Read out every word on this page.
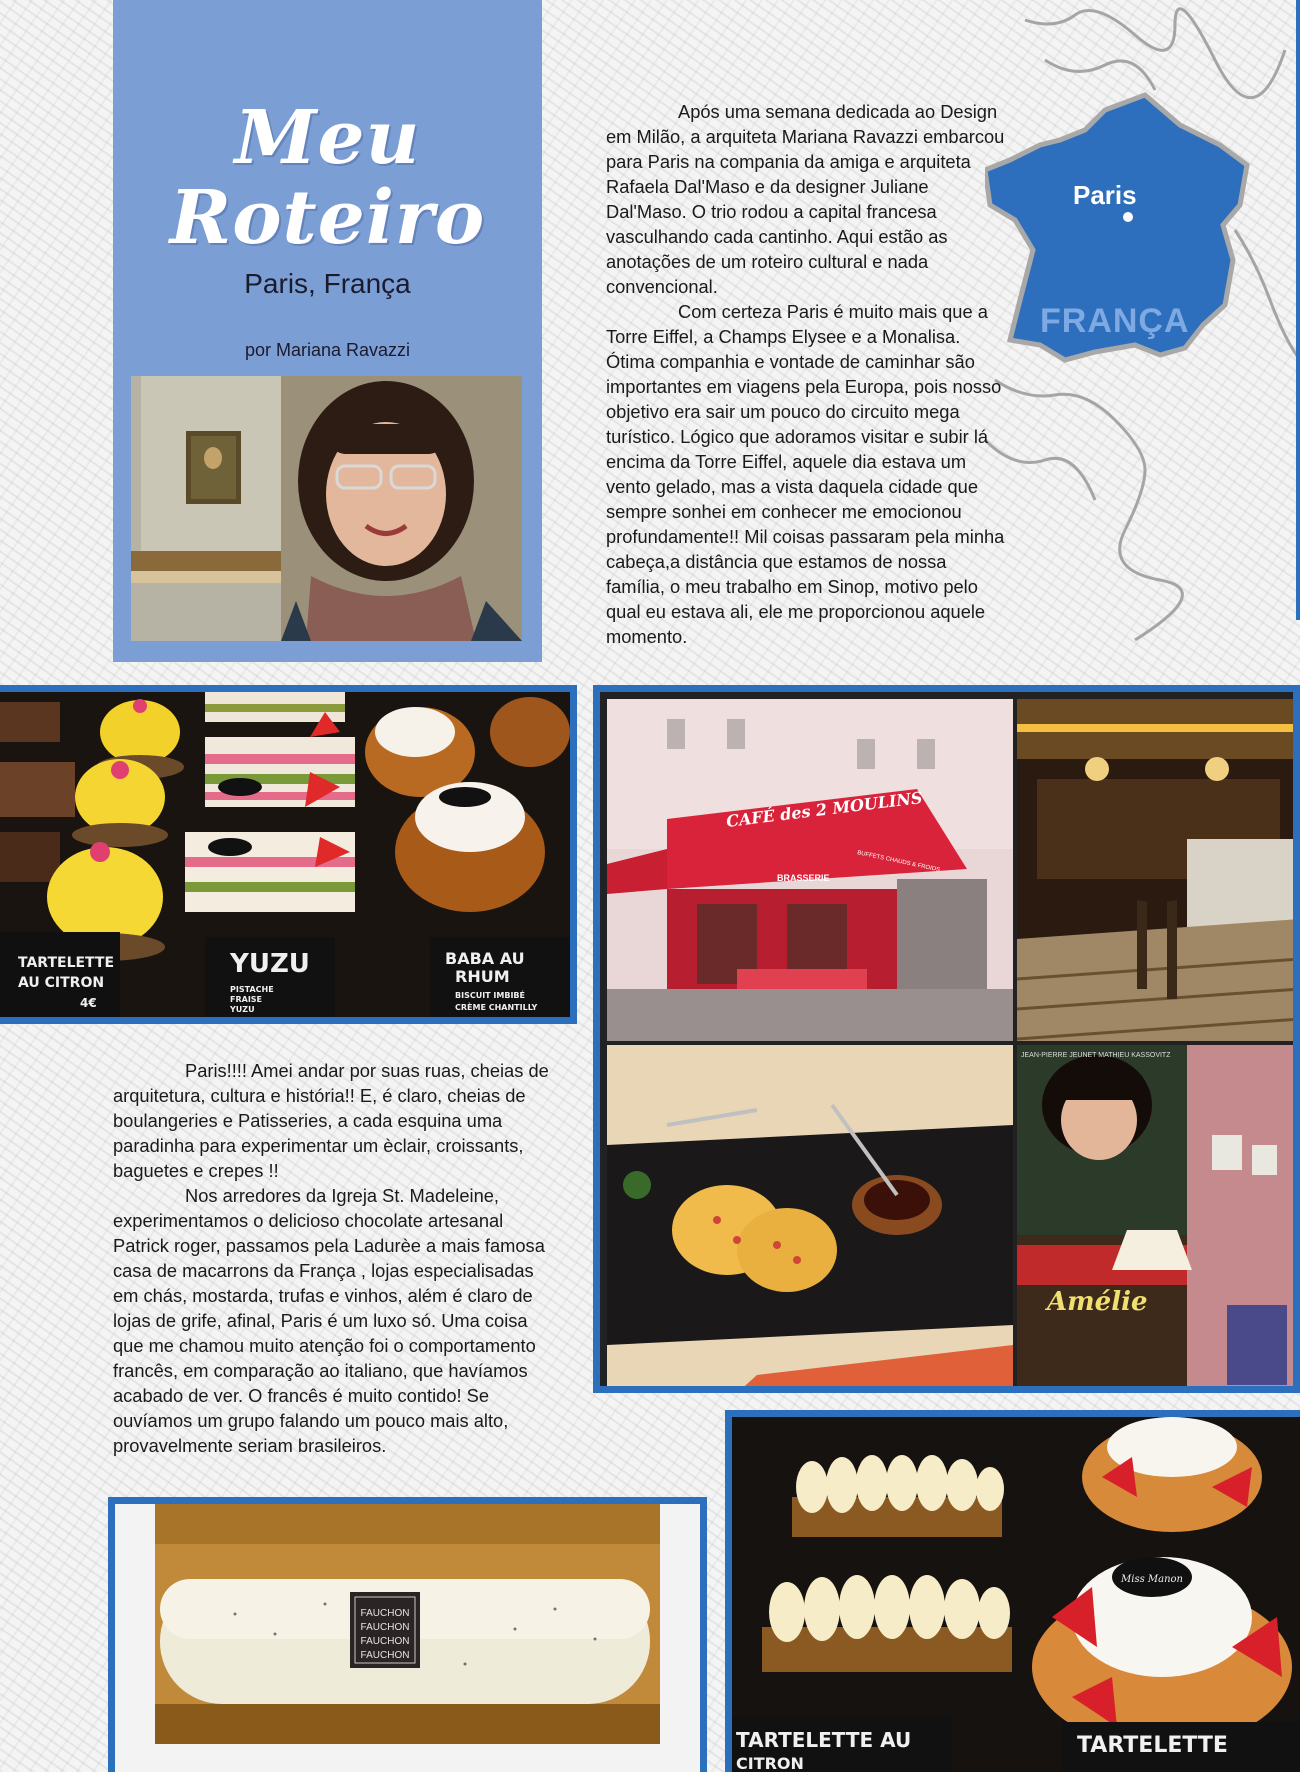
Meu
Roteiro
Paris, França
por Mariana Ravazzi
Paris
FRANÇA

Após uma semana dedicada ao Design em Milão, a arquiteta Mariana Ravazzi embarcou para Paris na compania da amiga e arquiteta Rafaela Dal'Maso e da designer Juliane Dal'Maso. O trio rodou a capital francesa vasculhando cada cantinho. Aqui estão as anotações de um roteiro cultural e nada convencional.

Com certeza Paris é muito mais que a Torre Eiffel, a Champs Elysee e a Monalisa. Ótima companhia e vontade de caminhar são importantes em viagens pela Europa, pois nosso objetivo era sair um pouco do circuito mega turístico. Lógico que adoramos visitar e subir lá encima da Torre Eiffel, aquele dia estava um vento gelado, mas a vista daquela cidade que sempre sonhei em conhecer me emocionou profundamente!! Mil coisas passaram pela minha cabeça,a distância que estamos de nossa família, o meu trabalho em Sinop, motivo pelo qual eu estava ali, ele me proporcionou aquele momento.

TARTELETTE
AU CITRON
4€
YUZU
PISTACHE
FRAISE
YUZU
BABA AU
RHUM
BISCUIT IMBIBÉ
CRÈME CHANTILLY
CAFÉ des 2 MOULINS
BRASSERIE
BUFFETS CHAUDS & FROIDS
JEAN-PIERRE JEUNET MATHIEU KASSOVITZ
Amélie

Paris!!!! Amei andar por suas ruas, cheias de arquitetura, cultura e história!! E, é claro, cheias de boulangeries e Patisseries, a cada esquina uma paradinha para experimentar um èclair, croissants, baguetes e crepes !!

Nos arredores da Igreja St. Madeleine, experimentamos o delicioso chocolate artesanal Patrick roger, passamos pela Ladurèe a mais famosa casa de macarrons da França , lojas especialisadas em chás, mostarda, trufas e vinhos, além é claro de lojas de grife, afinal, Paris é um luxo só. Uma coisa que me chamou muito atenção foi o comportamento francês, em comparação ao italiano, que havíamos acabado de ver. O francês é muito contido! Se ouvíamos um grupo falando um pouco mais alto, provavelmente seriam brasileiros.

FAUCHON
FAUCHON
FAUCHON
FAUCHON
Miss Manon
TARTELETTE AU
CITRON
TARTELETTE
